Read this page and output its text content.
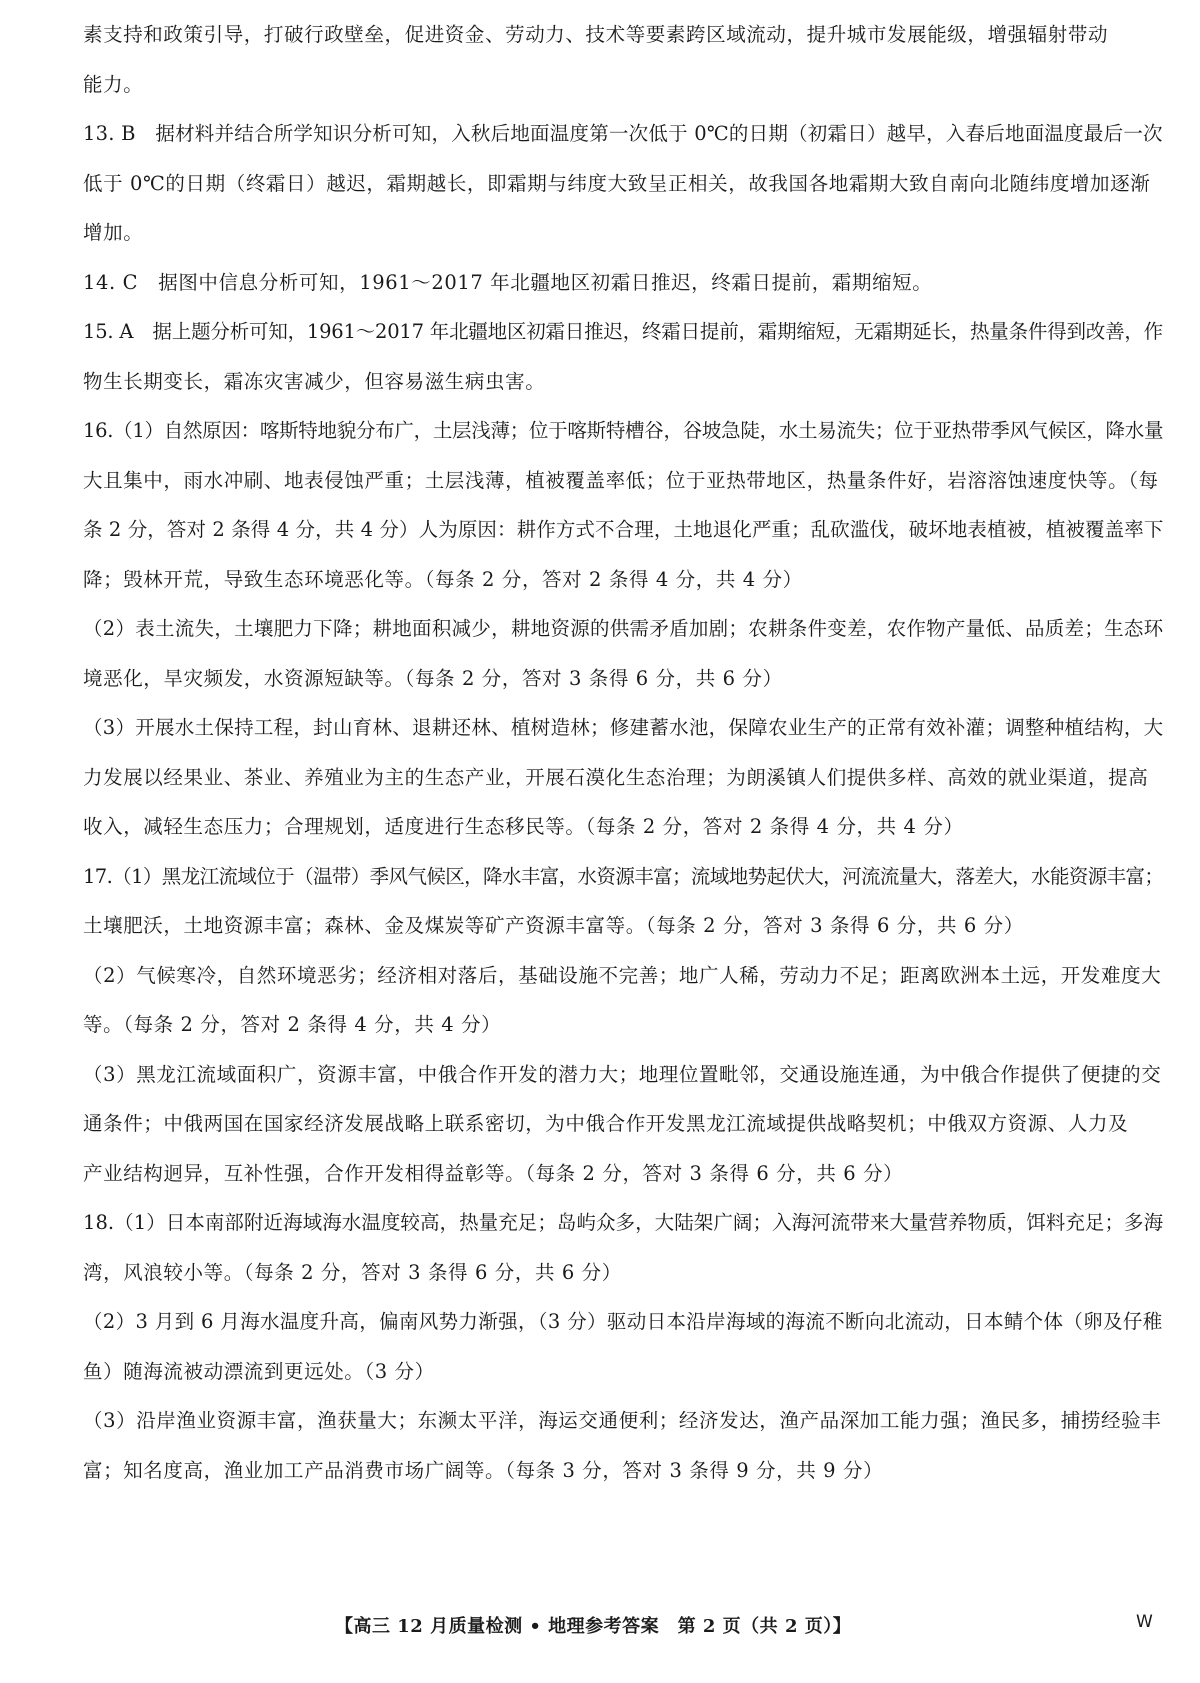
素支持和政策引导，打破行政壁垒，促进资金、劳动力、技术等要素跨区域流动，提升城市发展能级，增强辐射带动
能力。
13. B　据材料并结合所学知识分析可知，入秋后地面温度第一次低于 0℃的日期（初霜日）越早，入春后地面温度最后一次
低于 0℃的日期（终霜日）越迟，霜期越长，即霜期与纬度大致呈正相关，故我国各地霜期大致自南向北随纬度增加逐渐
增加。
14. C　据图中信息分析可知，1961～2017 年北疆地区初霜日推迟，终霜日提前，霜期缩短。
15. A　据上题分析可知，1961～2017 年北疆地区初霜日推迟，终霜日提前，霜期缩短，无霜期延长，热量条件得到改善，作
物生长期变长，霜冻灾害减少，但容易滋生病虫害。
16.（1）自然原因：喀斯特地貌分布广，土层浅薄；位于喀斯特槽谷，谷坡急陡，水土易流失；位于亚热带季风气候区，降水量
大且集中，雨水冲刷、地表侵蚀严重；土层浅薄，植被覆盖率低；位于亚热带地区，热量条件好，岩溶溶蚀速度快等。（每
条 2 分，答对 2 条得 4 分，共 4 分）人为原因：耕作方式不合理，土地退化严重；乱砍滥伐，破坏地表植被，植被覆盖率下
降；毁林开荒，导致生态环境恶化等。（每条 2 分，答对 2 条得 4 分，共 4 分）
（2）表土流失，土壤肥力下降；耕地面积减少，耕地资源的供需矛盾加剧；农耕条件变差，农作物产量低、品质差；生态环
境恶化，旱灾频发，水资源短缺等。（每条 2 分，答对 3 条得 6 分，共 6 分）
（3）开展水土保持工程，封山育林、退耕还林、植树造林；修建蓄水池，保障农业生产的正常有效补灌；调整种植结构，大
力发展以经果业、茶业、养殖业为主的生态产业，开展石漠化生态治理；为朗溪镇人们提供多样、高效的就业渠道，提高
收入，减轻生态压力；合理规划，适度进行生态移民等。（每条 2 分，答对 2 条得 4 分，共 4 分）
17.（1）黑龙江流域位于（温带）季风气候区，降水丰富，水资源丰富；流域地势起伏大，河流流量大，落差大，水能资源丰富；
土壤肥沃，土地资源丰富；森林、金及煤炭等矿产资源丰富等。（每条 2 分，答对 3 条得 6 分，共 6 分）
（2）气候寒冷，自然环境恶劣；经济相对落后，基础设施不完善；地广人稀，劳动力不足；距离欧洲本土远，开发难度大
等。（每条 2 分，答对 2 条得 4 分，共 4 分）
（3）黑龙江流域面积广，资源丰富，中俄合作开发的潜力大；地理位置毗邻，交通设施连通，为中俄合作提供了便捷的交
通条件；中俄两国在国家经济发展战略上联系密切，为中俄合作开发黑龙江流域提供战略契机；中俄双方资源、人力及
产业结构迥异，互补性强，合作开发相得益彰等。（每条 2 分，答对 3 条得 6 分，共 6 分）
18.（1）日本南部附近海域海水温度较高，热量充足；岛屿众多，大陆架广阔；入海河流带来大量营养物质，饵料充足；多海
湾，风浪较小等。（每条 2 分，答对 3 条得 6 分，共 6 分）
（2）3 月到 6 月海水温度升高，偏南风势力渐强，（3 分）驱动日本沿岸海域的海流不断向北流动，日本鲭个体（卵及仔稚
鱼）随海流被动漂流到更远处。（3 分）
（3）沿岸渔业资源丰富，渔获量大；东濒太平洋，海运交通便利；经济发达，渔产品深加工能力强；渔民多，捕捞经验丰
富；知名度高，渔业加工产品消费市场广阔等。（每条 3 分，答对 3 条得 9 分，共 9 分）
【高三 12 月质量检测 • 地理参考答案　第 2 页（共 2 页）】	W
